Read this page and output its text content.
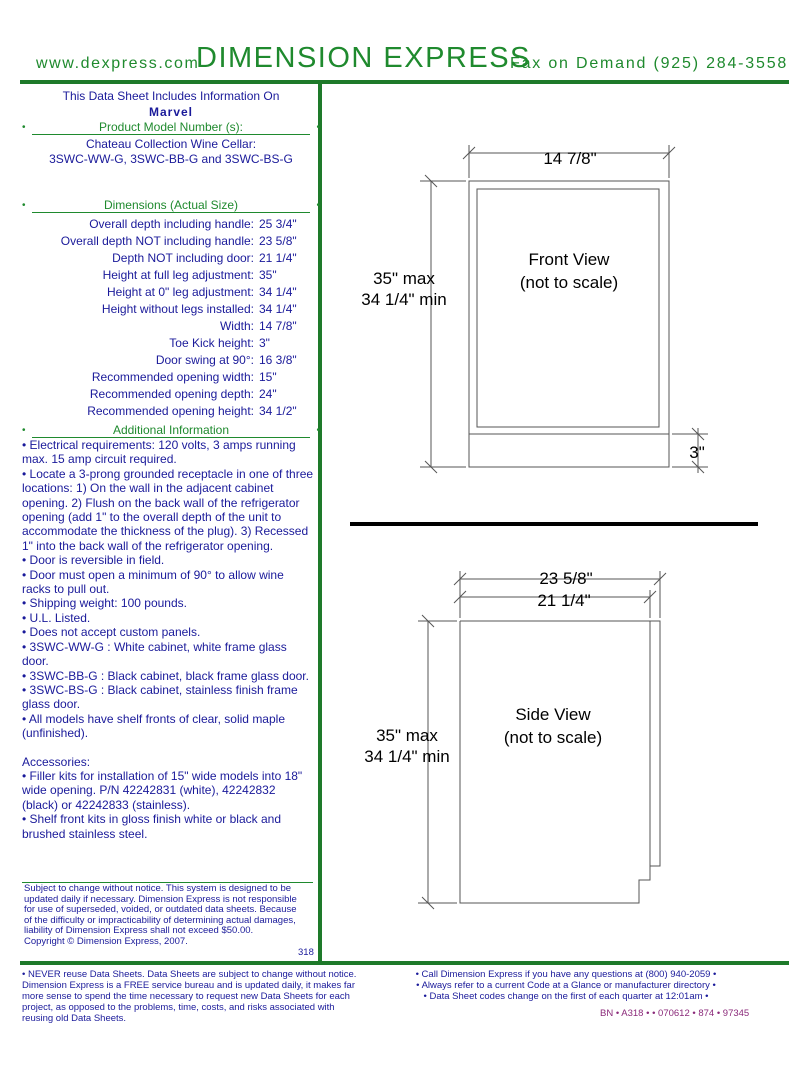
www.dexpress.com
DIMENSION EXPRESS
Fax on Demand (925) 284-3558
This Data Sheet Includes Information On
Marvel
•	Product Model Number (s):	•
Chateau Collection Wine Cellar:
3SWC-WW-G, 3SWC-BB-G and 3SWC-BS-G
•	Dimensions (Actual Size)	•
Overall depth including handle: 25 3/4"
Overall depth NOT including handle: 23 5/8"
Depth NOT including door: 21 1/4"
Height at full leg adjustment: 35"
Height at 0" leg adjustment: 34 1/4"
Height without legs installed: 34 1/4"
Width: 14 7/8"
Toe Kick height: 3"
Door swing at 90°: 16 3/8"
Recommended opening width: 15"
Recommended opening depth: 24"
Recommended opening height: 34 1/2"
•	Additional Information	•

• Electrical requirements: 120 volts, 3 amps running max. 15 amp circuit required.

• Locate a 3-prong grounded receptacle in one of three locations: 1) On the wall in the adjacent cabinet opening. 2) Flush on the back wall of the refrigerator opening (add 1" to the overall depth of the unit to accommodate the thickness of the plug). 3) Recessed 1" into the back wall of the refrigerator opening.

• Door is reversible in field.

• Door must open a minimum of 90° to allow wine racks to pull out.

• Shipping weight: 100 pounds.

• U.L. Listed.

• Does not accept custom panels.

• 3SWC-WW-G : White cabinet, white frame glass door.

• 3SWC-BB-G : Black cabinet, black frame glass door.

• 3SWC-BS-G : Black cabinet, stainless finish frame glass door.

• All models have shelf fronts of clear, solid maple (unfinished).

Accessories:

• Filler kits for installation of 15" wide models into 18" wide opening. P/N 42242831 (white), 42242832 (black) or 42242833 (stainless).

• Shelf front kits in gloss finish white or black and brushed stainless steel.

Subject to change without notice. This system is designed to be updated daily if necessary. Dimension Express is not responsible for use of superseded, voided, or outdated data sheets. Because of the difficulty or impracticability of determining actual damages, liability of Dimension Express shall not exceed $50.00.
Copyright © Dimension Express, 2007.
318
14 7/8"
Front View
(not to scale)
35" max
34 1/4" min
3"
23 5/8"
21 1/4"
Side View
(not to scale)
35" max
34 1/4" min
• NEVER reuse Data Sheets. Data Sheets are subject to change without notice. Dimension Express is a FREE service bureau and is updated daily, it makes far more sense to spend the time necessary to request new Data Sheets for each project, as opposed to the problems, time, costs, and risks associated with reusing old Data Sheets.
• Call Dimension Express if you have any questions at (800) 940-2059 •
• Always refer to a current Code at a Glance or manufacturer directory •
• Data Sheet codes change on the first of each quarter at 12:01am •
BN • A318 • • 070612 • 874 • 97345
